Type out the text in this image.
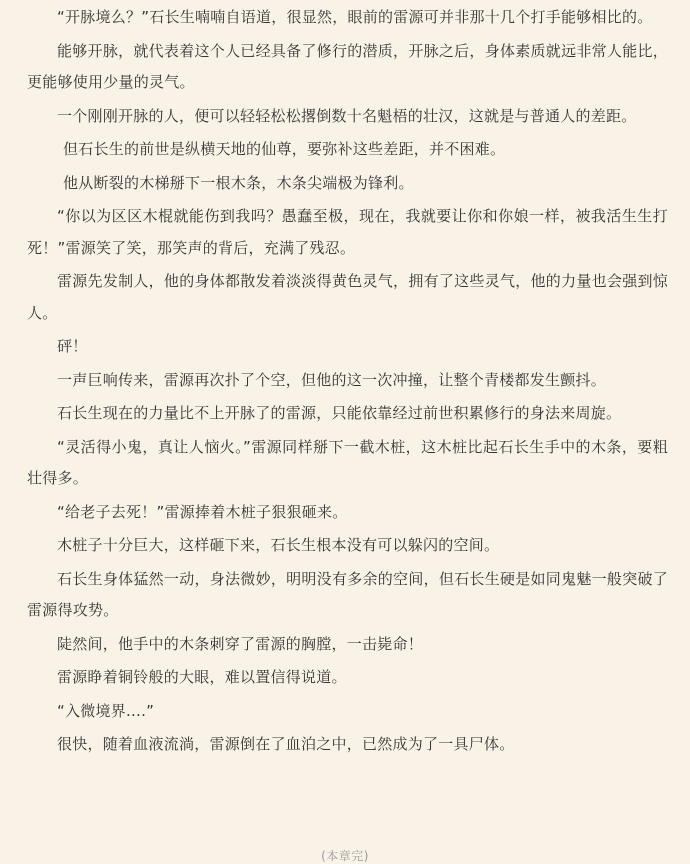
“开脉境么？”石长生喃喃自语道，很显然，眼前的雷源可并非那十几个打手能够相比的。

能够开脉，就代表着这个人已经具备了修行的潜质，开脉之后，身体素质就远非常人能比，更能够使用少量的灵气。

一个刚刚开脉的人，便可以轻轻松松撂倒数十名魁梧的壮汉，这就是与普通人的差距。

但石长生的前世是纵横天地的仙尊，要弥补这些差距，并不困难。

他从断裂的木梯掰下一根木条，木条尖端极为锋利。

“你以为区区木棍就能伤到我吗？愚蠢至极，现在，我就要让你和你娘一样，被我活生生打死！”雷源笑了笑，那笑声的背后，充满了残忍。

雷源先发制人，他的身体都散发着淡淡得黄色灵气，拥有了这些灵气，他的力量也会强到惊人。

砰！

一声巨响传来，雷源再次扑了个空，但他的这一次冲撞，让整个青楼都发生颤抖。

石长生现在的力量比不上开脉了的雷源，只能依靠经过前世积累修行的身法来周旋。

“灵活得小鬼，真让人恼火。”雷源同样掰下一截木桩，这木桩比起石长生手中的木条，要粗壮得多。

“给老子去死！”雷源捧着木桩子狠狠砸来。

木桩子十分巨大，这样砸下来，石长生根本没有可以躲闪的空间。

石长生身体猛然一动，身法微妙，明明没有多余的空间，但石长生硬是如同鬼魅一般突破了雷源得攻势。

陡然间，他手中的木条刺穿了雷源的胸膛，一击毙命！

雷源睁着铜铃般的大眼，难以置信得说道。

“入微境界....”

很快，随着血液流淌，雷源倒在了血泊之中，已然成为了一具尸体。

(本章完)
